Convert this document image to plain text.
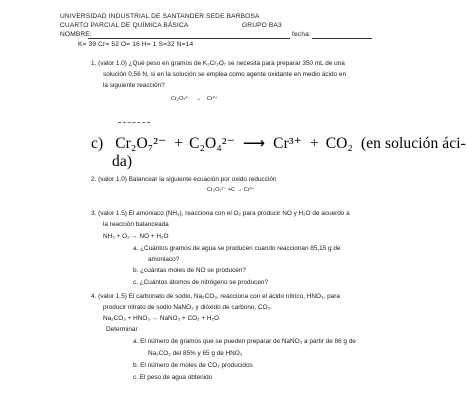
UNIVERSIDAD INDUSTRIAL DE SANTANDER SEDE BARBOSA
CUARTO PARCIAL DE QUÍMICA BÁSICA	GRUPO BA3
NOMBRE:	fecha:
K= 39 Cr= 52 O= 16 H= 1 S=32 N=14
1. (valor 1.0) ¿Qué peso en gramos de K₂Cr₂O₇ se necesita para preparar 350 mL de una
solución 0,56 N, si en la solución se emplea como agente oxidante en medio ácido en
la siguiente reacción?
Cr₂O₇²⁻ → Cr³⁺
c) Cr₂O₇²⁻ + C₂O₄²⁻ ⟶ Cr³⁺ + CO₂ (en solución áci-
da)
2. (valor 1.0) Balancear la siguiente ecuación por oxido reducción
Cr₂O₇²⁻ +C → Cr³⁺
3. (valor 1.5) El amoniaco (NH₃), reacciona con el O₂ para producir NO y H₂O de acuerdo a
la reacción balanceada
NH₃ + O₂ → NO + H₂O
a. ¿Cuántos gramos de agua se producen cuando reaccionan 85,15 g de
amoniaco?
b. ¿cuántas moles de NO se producen?
c. ¿Cuántos átomos de nitrógeno se producen?
4. (valor 1.5) El carbonato de sodio, Na₂CO₃, reacciona con el ácido nítrico, HNO₃, para
producir nitrato de sodio NaNO₃ y dióxido de carbono, CO₂.
Na₂CO₃ + HNO₃ → NaNO₃ + CO₂ + H₂O
Determinar
a. El número de gramos que se pueden preparar de NaNO₃ a partir de 86 g de
Na₂CO₃ del 85% y 65 g de HNO₃
b. El número de moles de CO₂ producidos
c. El peso de agua obtenido
